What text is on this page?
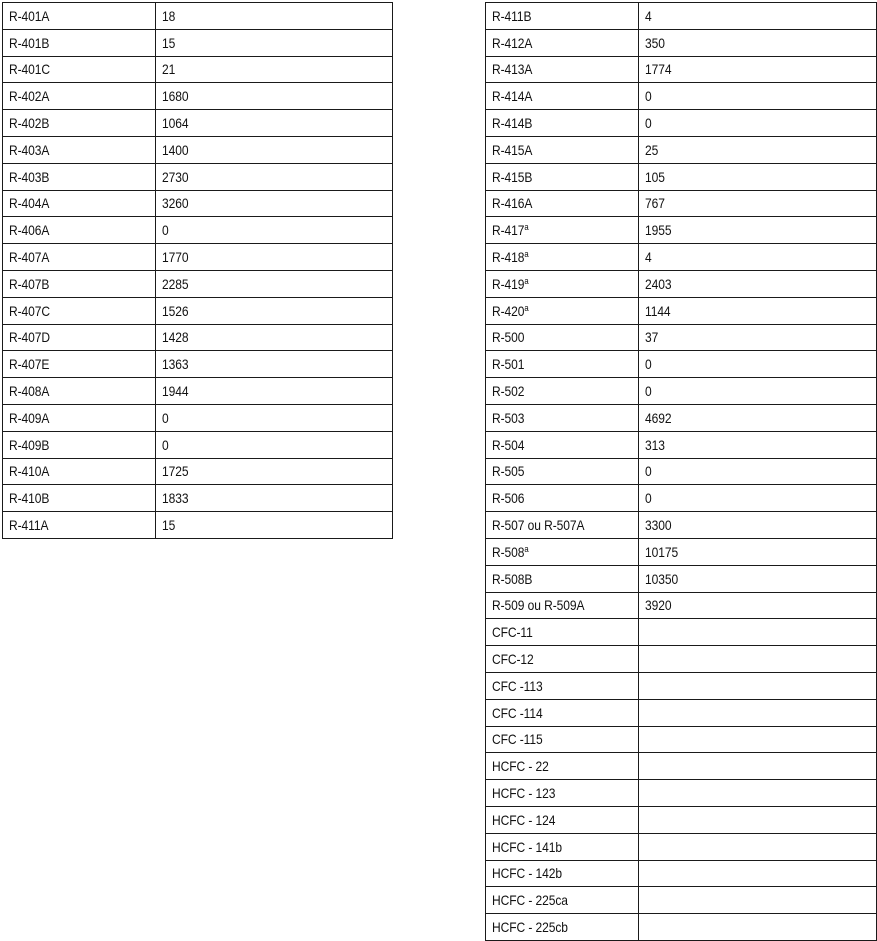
R-401A	18
R-401B	15
R-401C	21
R-402A	1680
R-402B	1064
R-403A	1400
R-403B	2730
R-404A	3260
R-406A	0
R-407A	1770
R-407B	2285
R-407C	1526
R-407D	1428
R-407E	1363
R-408A	1944
R-409A	0
R-409B	0
R-410A	1725
R-410B	1833
R-411A	15
R-411B	4
R-412A	350
R-413A	1774
R-414A	0
R-414B	0
R-415A	25
R-415B	105
R-416A	767
R-417$^a$	1955
R-418$^a$	4
R-419$^a$	2403
R-420$^a$	1144
R-500	37
R-501	0
R-502	0
R-503	4692
R-504	313
R-505	0
R-506	0
R-507 ou R-507A	3300
R-508$^a$	10175
R-508B	10350
R-509 ou R-509A	3920
CFC-11	
CFC-12	
CFC -113	
CFC -114	
CFC -115	
HCFC - 22	
HCFC - 123	
HCFC - 124	
HCFC - 141b	
HCFC - 142b	
HCFC - 225ca	
HCFC - 225cb	
